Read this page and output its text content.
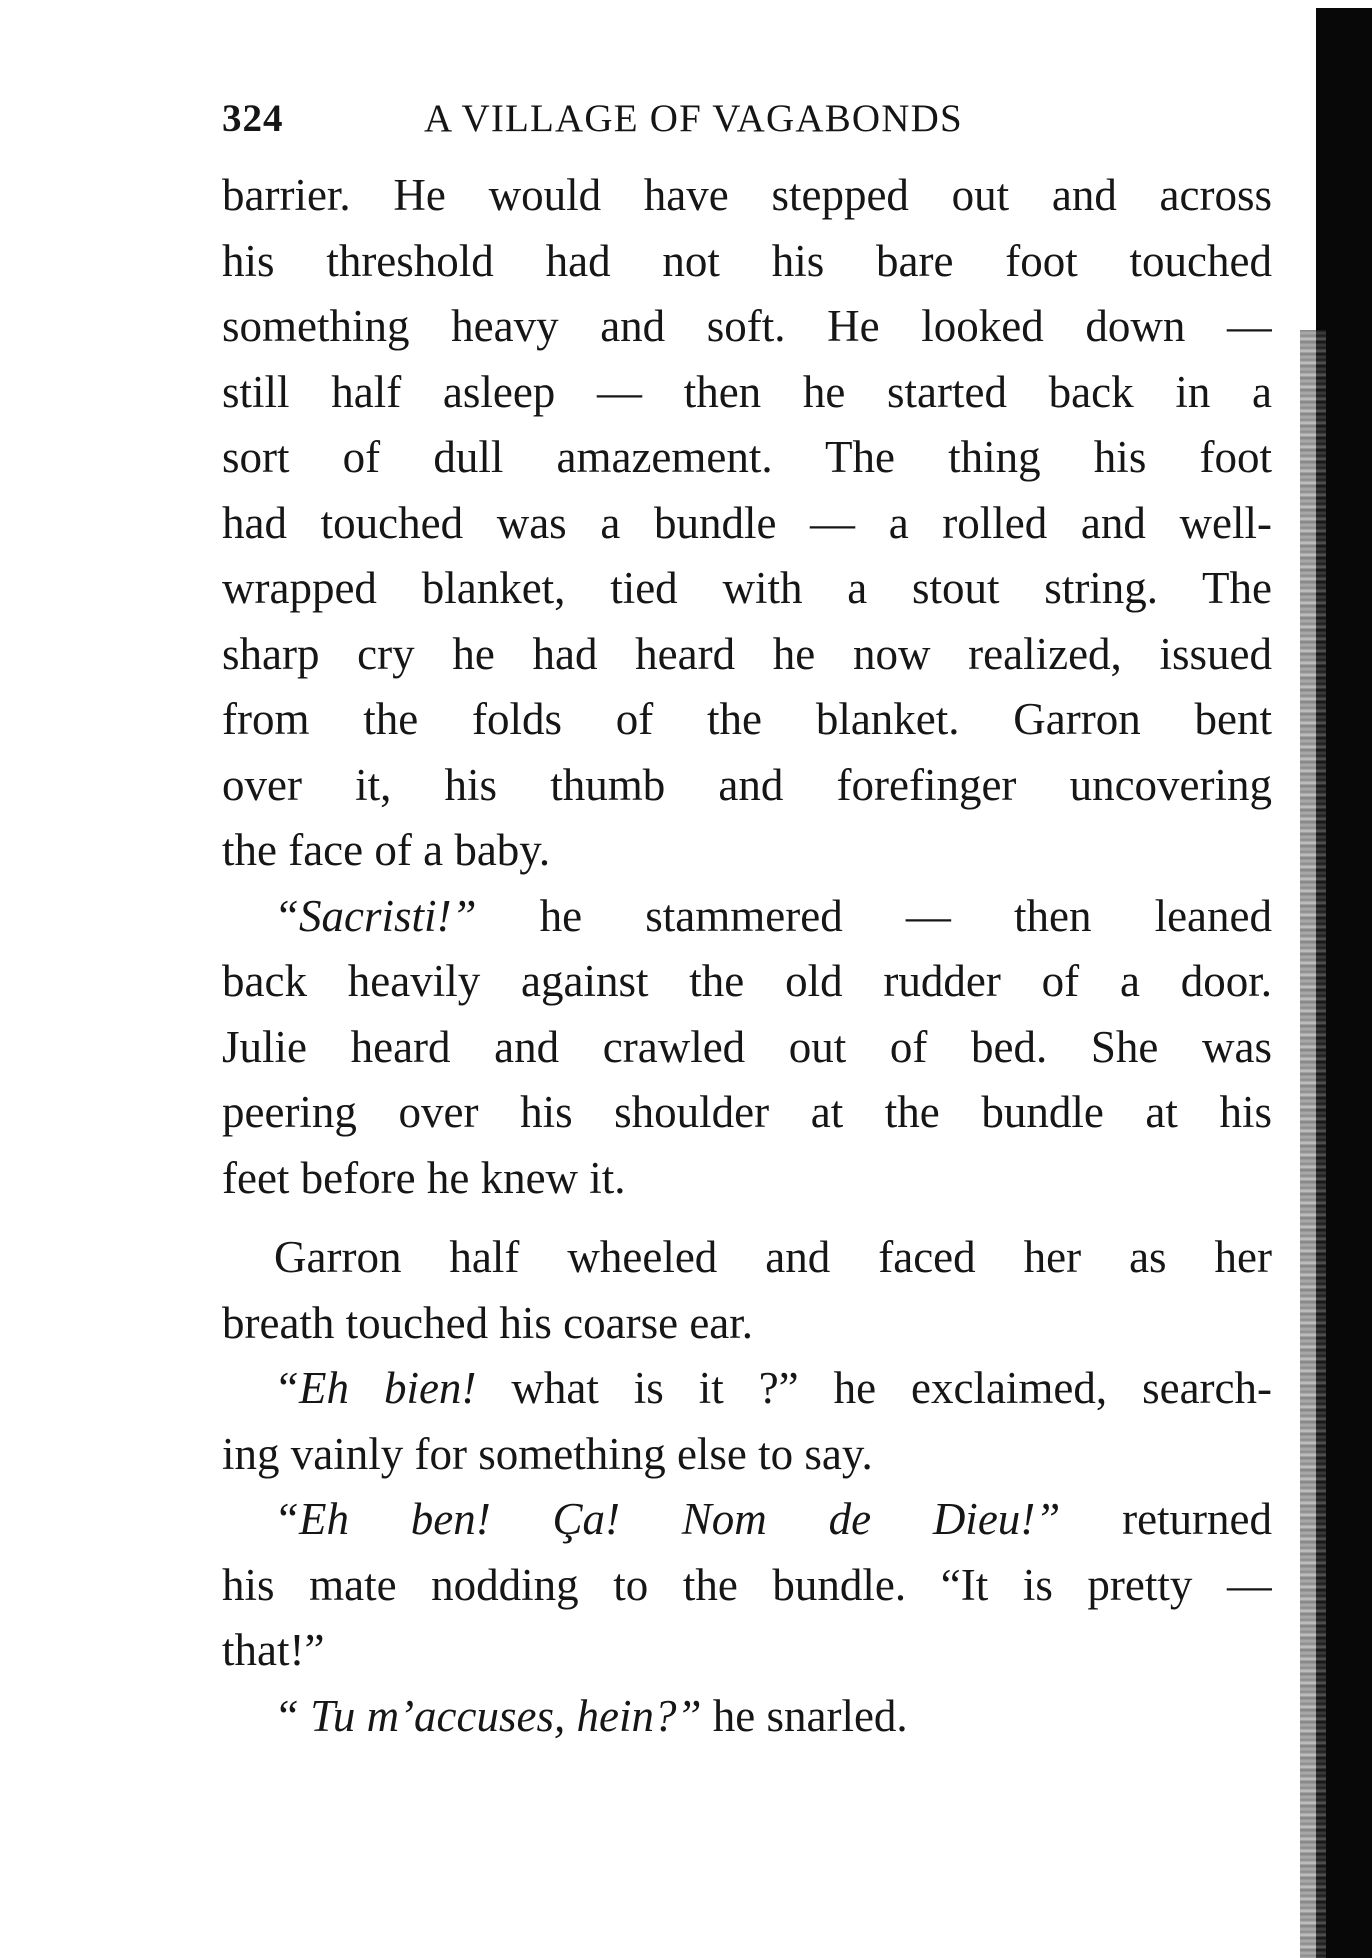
324	A VILLAGE OF VAGABONDS
barrier. He would have stepped out and across
his threshold had not his bare foot touched
something heavy and soft. He looked down —
still half asleep — then he started back in a
sort of dull amazement. The thing his foot
had touched was a bundle — a rolled and well-
wrapped blanket, tied with a stout string. The
sharp cry he had heard he now realized, issued
from the folds of the blanket. Garron bent
over it, his thumb and forefinger uncovering
the face of a baby.
“Sacristi!” he stammered — then leaned
back heavily against the old rudder of a door.
Julie heard and crawled out of bed. She was
peering over his shoulder at the bundle at his
feet before he knew it.
Garron half wheeled and faced her as her
breath touched his coarse ear.
“Eh bien! what is it ?” he exclaimed, search-
ing vainly for something else to say.
“Eh ben! Ça! Nom de Dieu!” returned
his mate nodding to the bundle. “It is pretty —
that!”
“ Tu m’accuses, hein?” he snarled.
